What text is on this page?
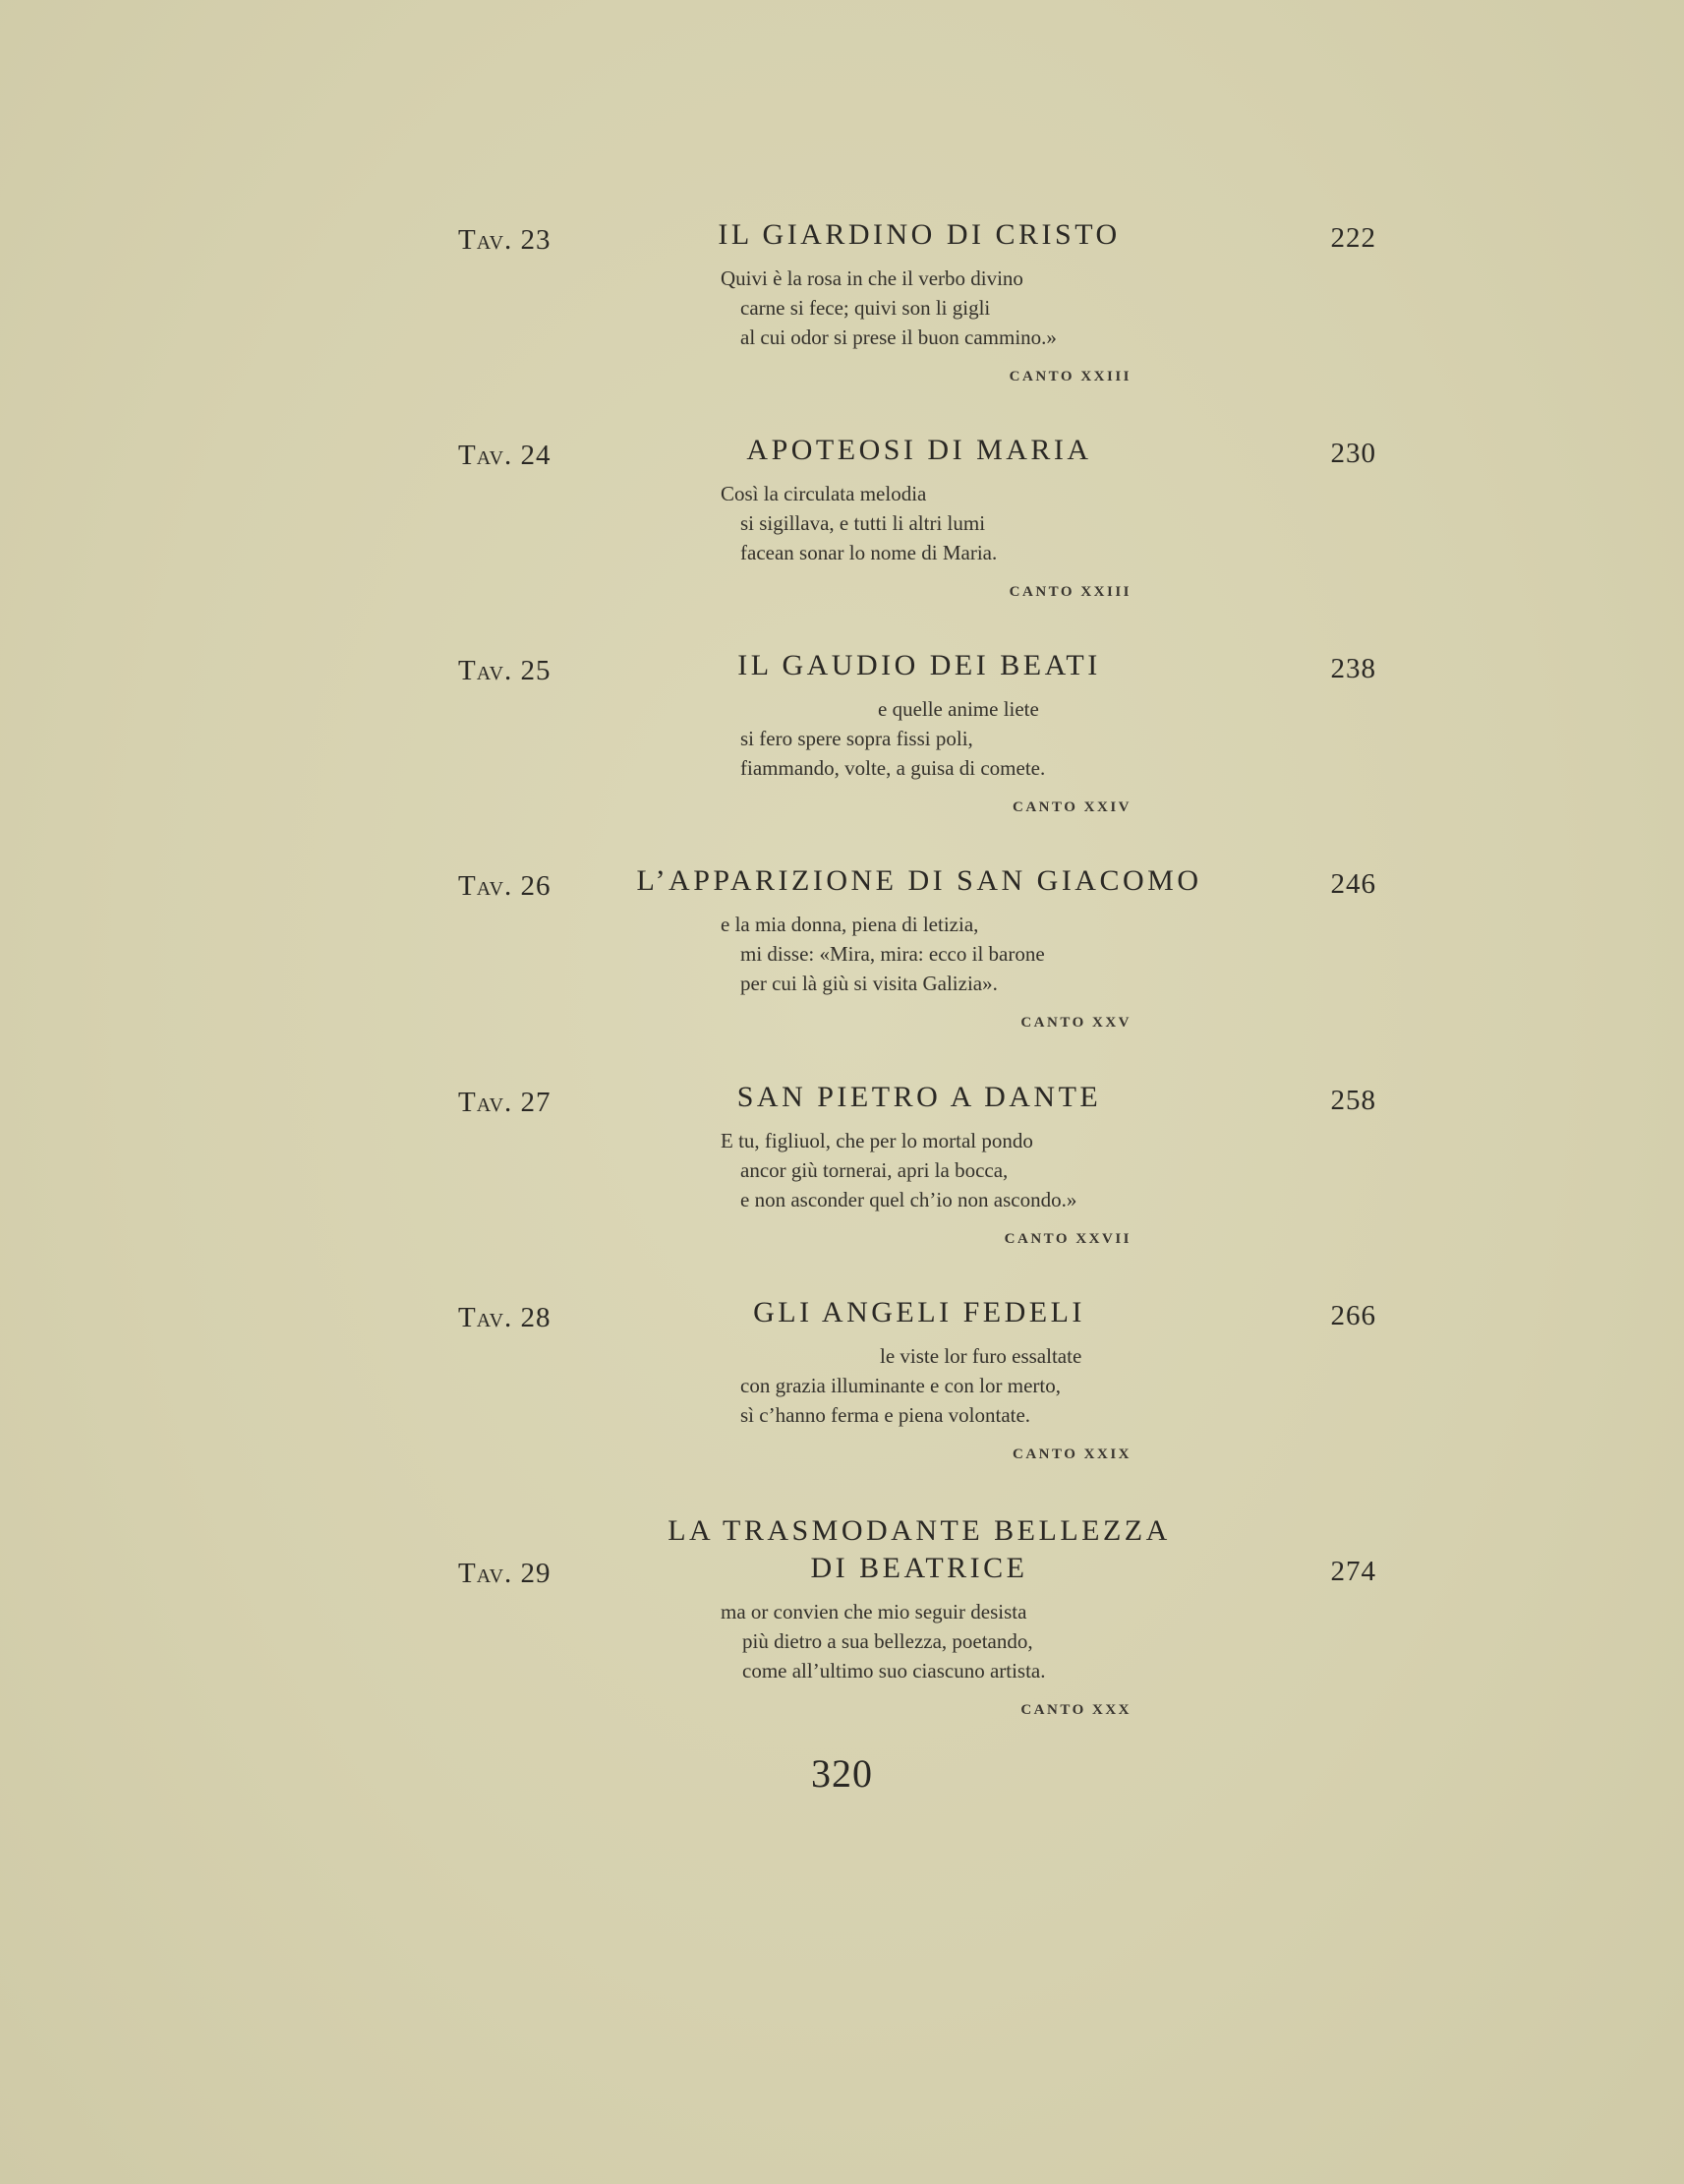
Tav. 23	IL GIARDINO DI CRISTO	222
Quivi è la rosa in che il verbo divino
carne si fece; quivi son li gigli
al cui odor si prese il buon cammino.»
CANTO XXIII
Tav. 24	APOTEOSI DI MARIA	230
Così la circulata melodia
si sigillava, e tutti li altri lumi
facean sonar lo nome di Maria.
CANTO XXIII
Tav. 25	IL GAUDIO DEI BEATI	238
e quelle anime liete
si fero spere sopra fissi poli,
fiammando, volte, a guisa di comete.
CANTO XXIV
Tav. 26	L’APPARIZIONE DI SAN GIACOMO	246
e la mia donna, piena di letizia,
mi disse: «Mira, mira: ecco il barone
per cui là giù si visita Galizia».
CANTO XXV
Tav. 27	SAN PIETRO A DANTE	258
E tu, figliuol, che per lo mortal pondo
ancor giù tornerai, apri la bocca,
e non asconder quel ch’io non ascondo.»
CANTO XXVII
Tav. 28	GLI ANGELI FEDELI	266
le viste lor furo essaltate
con grazia illuminante e con lor merto,
sì c’hanno ferma e piena volontate.
CANTO XXIX
LA TRASMODANTE BELLEZZA
Tav. 29	DI BEATRICE	274
ma or convien che mio seguir desista
più dietro a sua bellezza, poetando,
come all’ultimo suo ciascuno artista.
CANTO XXX
320
